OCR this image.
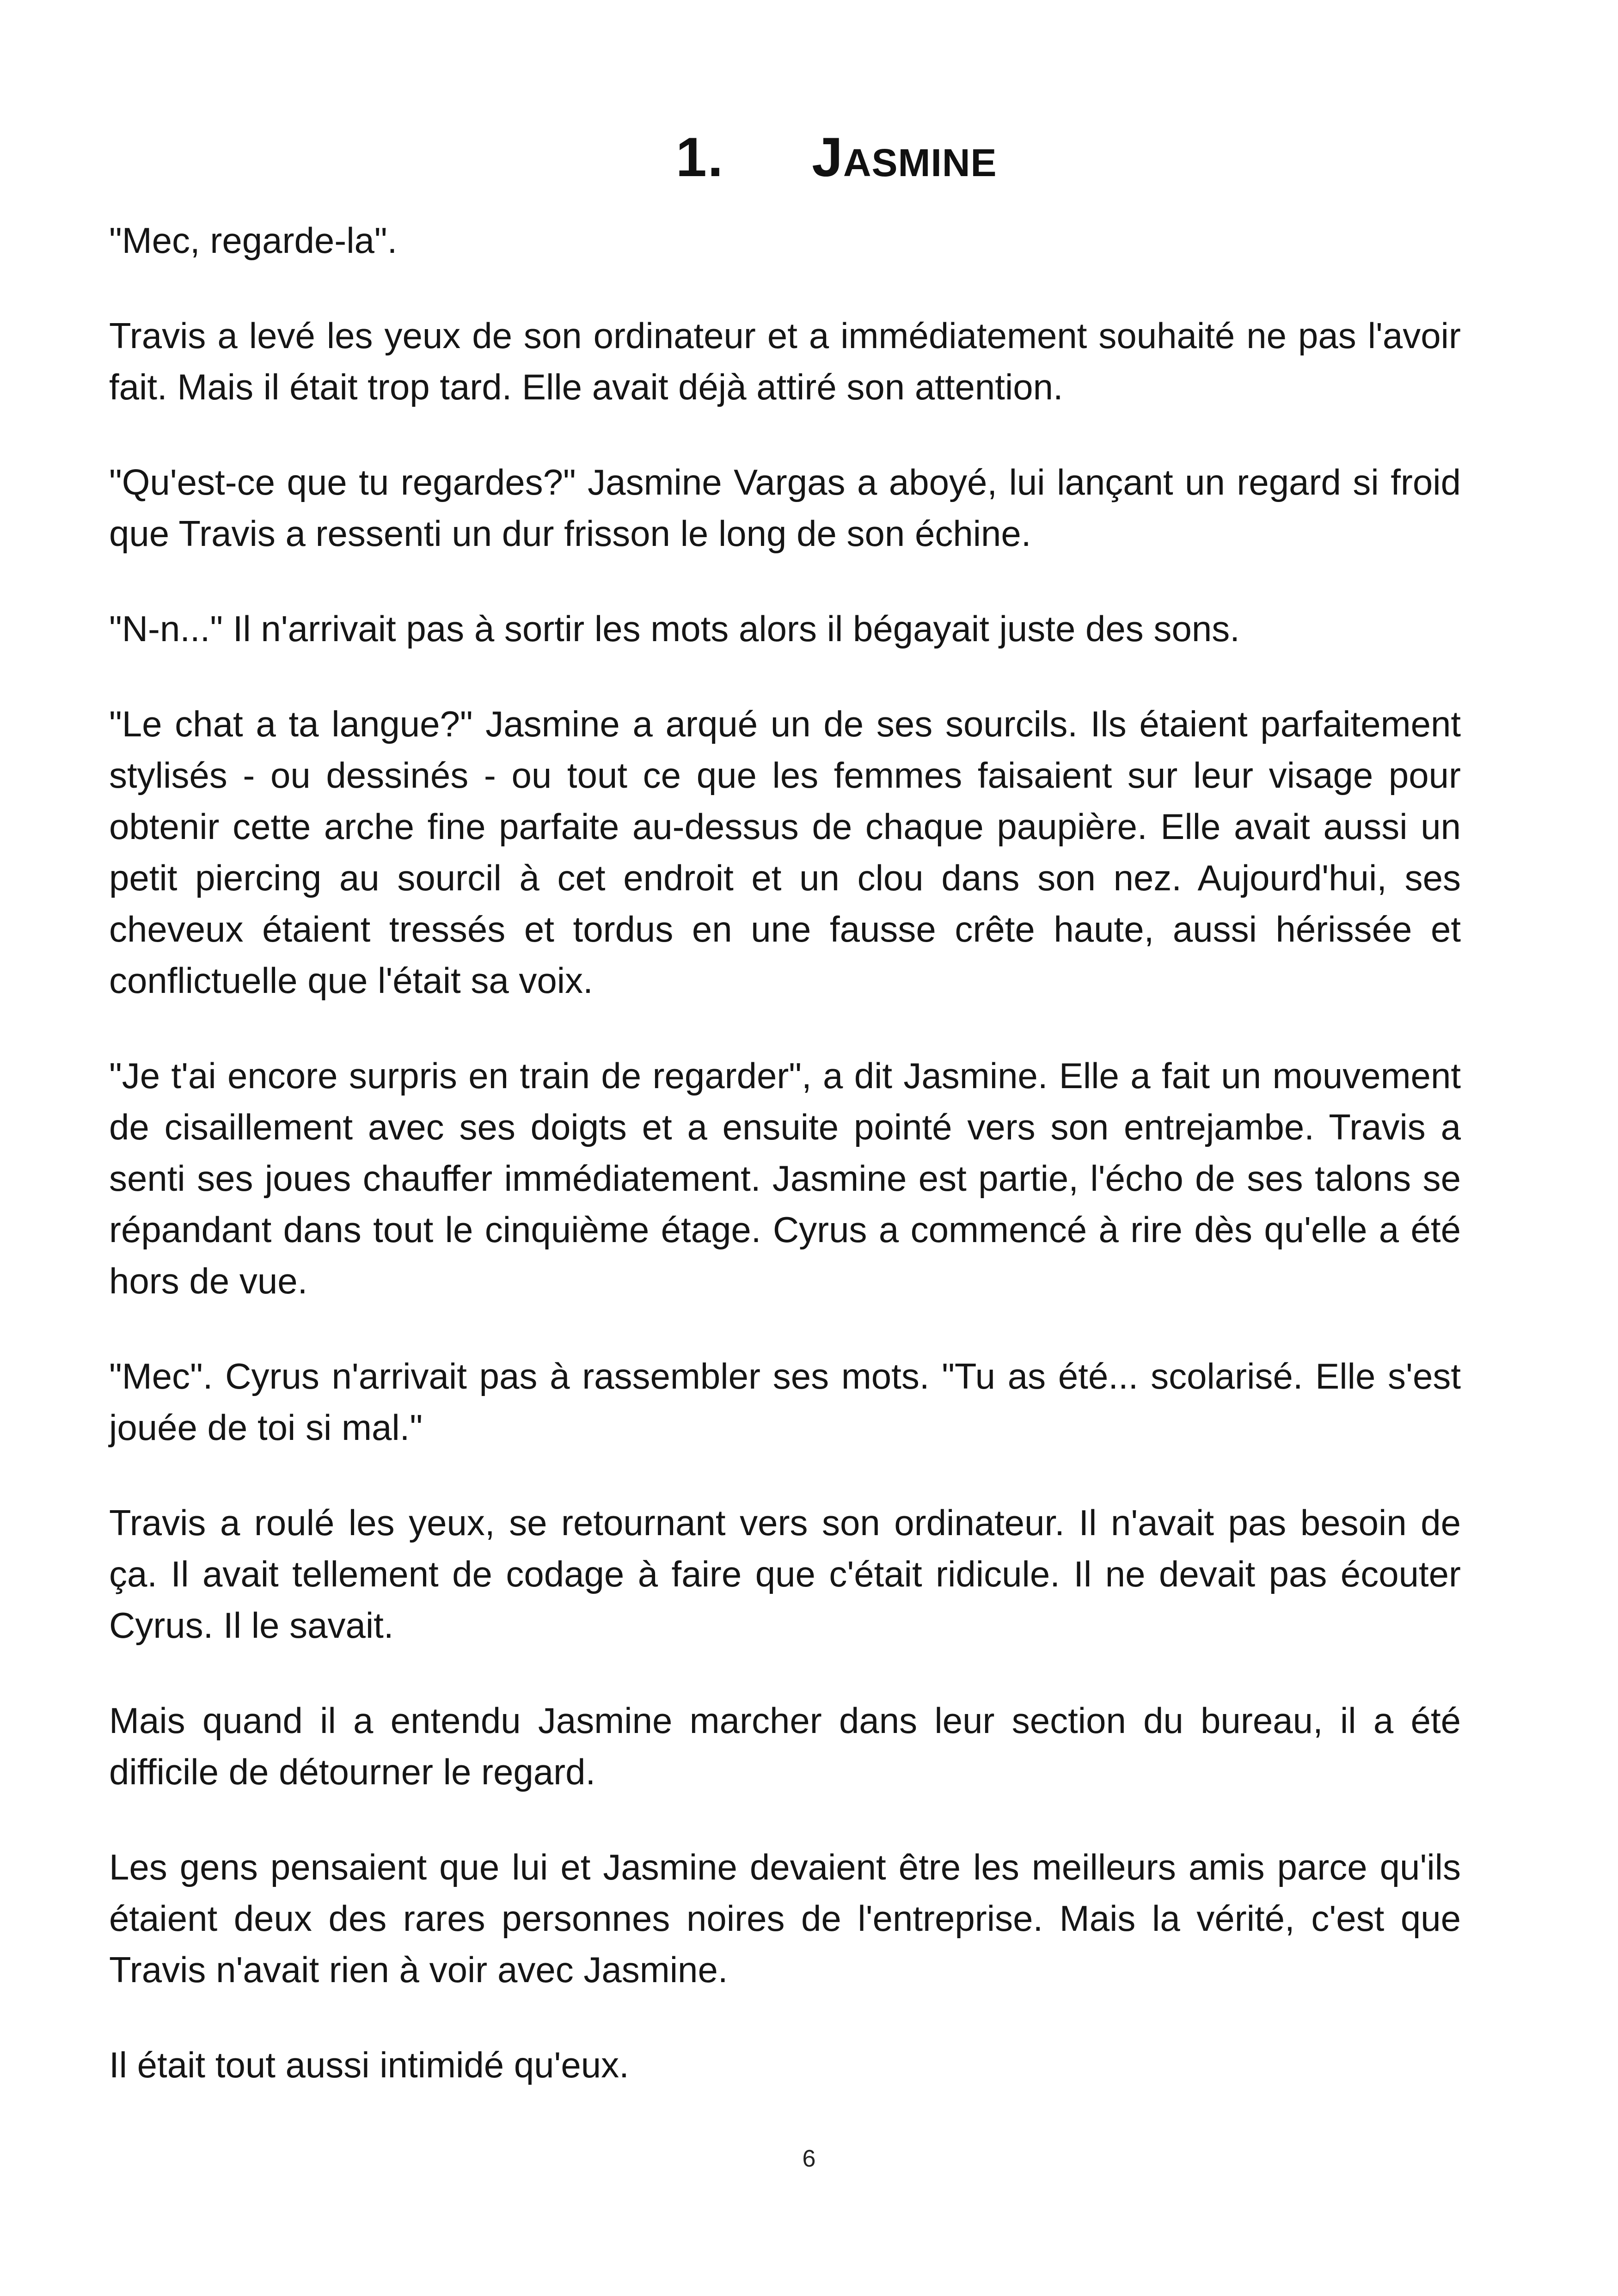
1. Jasmine

"Mec, regarde-la".

Travis a levé les yeux de son ordinateur et a immédiatement souhaité ne pas l'avoir fait. Mais il était trop tard. Elle avait déjà attiré son attention.

"Qu'est-ce que tu regardes?" Jasmine Vargas a aboyé, lui lançant un regard si froid que Travis a ressenti un dur frisson le long de son échine.

"N-n..." Il n'arrivait pas à sortir les mots alors il bégayait juste des sons.

"Le chat a ta langue?" Jasmine a arqué un de ses sourcils. Ils étaient parfaitement stylisés - ou dessinés - ou tout ce que les femmes faisaient sur leur visage pour obtenir cette arche fine parfaite au-dessus de chaque paupière. Elle avait aussi un petit piercing au sourcil à cet endroit et un clou dans son nez. Aujourd'hui, ses cheveux étaient tressés et tordus en une fausse crête haute, aussi hérissée et conflictuelle que l'était sa voix.

"Je t'ai encore surpris en train de regarder", a dit Jasmine. Elle a fait un mouvement de cisaillement avec ses doigts et a ensuite pointé vers son entrejambe. Travis a senti ses joues chauffer immédiatement. Jasmine est partie, l'écho de ses talons se répandant dans tout le cinquième étage. Cyrus a commencé à rire dès qu'elle a été hors de vue.

"Mec". Cyrus n'arrivait pas à rassembler ses mots. "Tu as été... scolarisé. Elle s'est jouée de toi si mal."

Travis a roulé les yeux, se retournant vers son ordinateur. Il n'avait pas besoin de ça. Il avait tellement de codage à faire que c'était ridicule. Il ne devait pas écouter Cyrus. Il le savait.

Mais quand il a entendu Jasmine marcher dans leur section du bureau, il a été difficile de détourner le regard.

Les gens pensaient que lui et Jasmine devaient être les meilleurs amis parce qu'ils étaient deux des rares personnes noires de l'entreprise. Mais la vérité, c'est que Travis n'avait rien à voir avec Jasmine.

Il était tout aussi intimidé qu'eux.

6
